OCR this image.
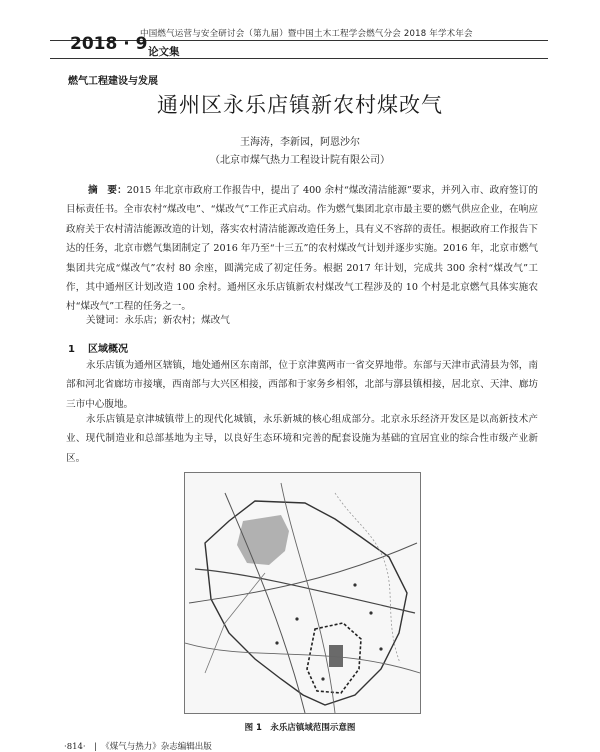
中国燃气运营与安全研讨会（第九届）暨中国土木工程学会燃气分会 2018 年学术年会
2018 · 9 论文集
燃气工程建设与发展
通州区永乐店镇新农村煤改气
王海涛，李新园，阿恩沙尔
（北京市煤气热力工程设计院有限公司）

摘　要：2015 年北京市政府工作报告中，提出了 400 余村“煤改清洁能源”要求，并列入市、政府签订的目标责任书。全市农村“煤改电”、“煤改气”工作正式启动。作为燃气集团北京市最主要的燃气供应企业，在响应政府关于农村清洁能源改造的计划，落实农村清洁能源改造任务上，具有义不容辞的责任。根据政府工作报告下达的任务，北京市燃气集团制定了 2016 年乃至“十三五”的农村煤改气计划并逐步实施。2016 年，北京市燃气集团共完成“煤改气”农村 80 余座，圆满完成了初定任务。根据 2017 年计划，完成共 300 余村“煤改气”工作，其中通州区计划改造 100 余村。通州区永乐店镇新农村煤改气工程涉及的 10 个村是北京燃气具体实施农村“煤改气”工程的任务之一。

关键词：永乐店；新农村；煤改气
1 区域概况

永乐店镇为通州区辖镇，地处通州区东南部，位于京津冀两市一省交界地带。东部与天津市武清县为邻，南部和河北省廊坊市接壤，西南部与大兴区相接，西部和于家务乡相邻，北部与漷县镇相接，居北京、天津、廊坊三市中心腹地。

永乐店镇是京津城镇带上的现代化城镇，永乐新城的核心组成部分。北京永乐经济开发区是以高新技术产业、现代制造业和总部基地为主导，以良好生态环境和完善的配套设施为基础的宜居宜业的综合性市级产业新区。

图 1　永乐店镇域范围示意图
·814·　|　《煤气与热力》杂志编辑出版
